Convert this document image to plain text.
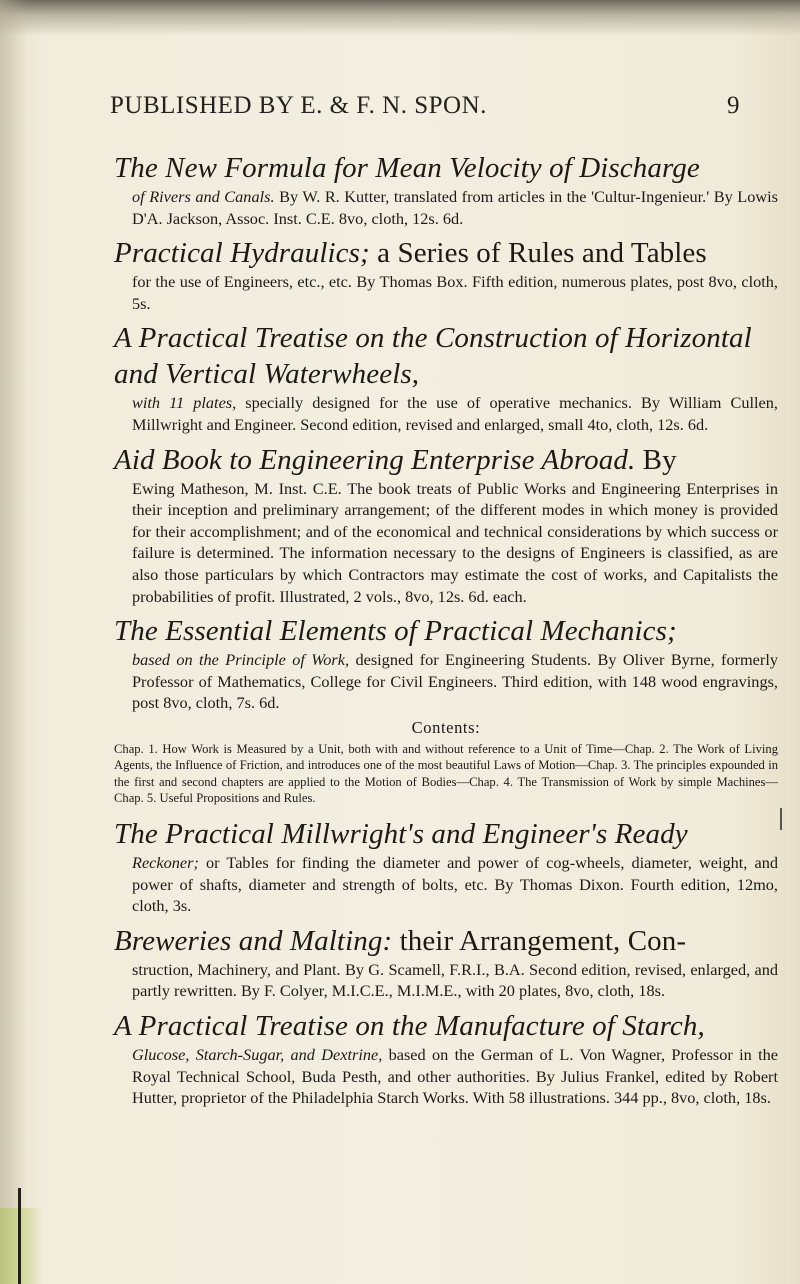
PUBLISHED BY E. & F. N. SPON.	9

The New Formula for Mean Velocity of Discharge

of Rivers and Canals. By W. R. Kutter, translated from articles in the 'Cultur-Ingenieur.' By Lowis D'A. Jackson, Assoc. Inst. C.E. 8vo, cloth, 12s. 6d.

Practical Hydraulics; a Series of Rules and Tables

for the use of Engineers, etc., etc. By Thomas Box. Fifth edition, numerous plates, post 8vo, cloth, 5s.

A Practical Treatise on the Construction of Horizontal and Vertical Waterwheels,

with 11 plates, specially designed for the use of operative mechanics. By William Cullen, Millwright and Engineer. Second edition, revised and enlarged, small 4to, cloth, 12s. 6d.

Aid Book to Engineering Enterprise Abroad. By

Ewing Matheson, M. Inst. C.E. The book treats of Public Works and Engineering Enterprises in their inception and preliminary arrangement; of the different modes in which money is provided for their accomplishment; and of the economical and technical considerations by which success or failure is determined. The information necessary to the designs of Engineers is classified, as are also those particulars by which Contractors may estimate the cost of works, and Capitalists the probabilities of profit. Illustrated, 2 vols., 8vo, 12s. 6d. each.

The Essential Elements of Practical Mechanics;

based on the Principle of Work, designed for Engineering Students. By Oliver Byrne, formerly Professor of Mathematics, College for Civil Engineers. Third edition, with 148 wood engravings, post 8vo, cloth, 7s. 6d.

Contents:

Chap. 1. How Work is Measured by a Unit, both with and without reference to a Unit of Time—Chap. 2. The Work of Living Agents, the Influence of Friction, and introduces one of the most beautiful Laws of Motion—Chap. 3. The principles expounded in the first and second chapters are applied to the Motion of Bodies—Chap. 4. The Transmission of Work by simple Machines—Chap. 5. Useful Propositions and Rules.

The Practical Millwright's and Engineer's Ready

Reckoner; or Tables for finding the diameter and power of cog-wheels, diameter, weight, and power of shafts, diameter and strength of bolts, etc. By Thomas Dixon. Fourth edition, 12mo, cloth, 3s.

Breweries and Malting: their Arrangement, Con-

struction, Machinery, and Plant. By G. Scamell, F.R.I., B.A. Second edition, revised, enlarged, and partly rewritten. By F. Colyer, M.I.C.E., M.I.M.E., with 20 plates, 8vo, cloth, 18s.

A Practical Treatise on the Manufacture of Starch,

Glucose, Starch-Sugar, and Dextrine, based on the German of L. Von Wagner, Professor in the Royal Technical School, Buda Pesth, and other authorities. By Julius Frankel, edited by Robert Hutter, proprietor of the Philadelphia Starch Works. With 58 illustrations. 344 pp., 8vo, cloth, 18s.
